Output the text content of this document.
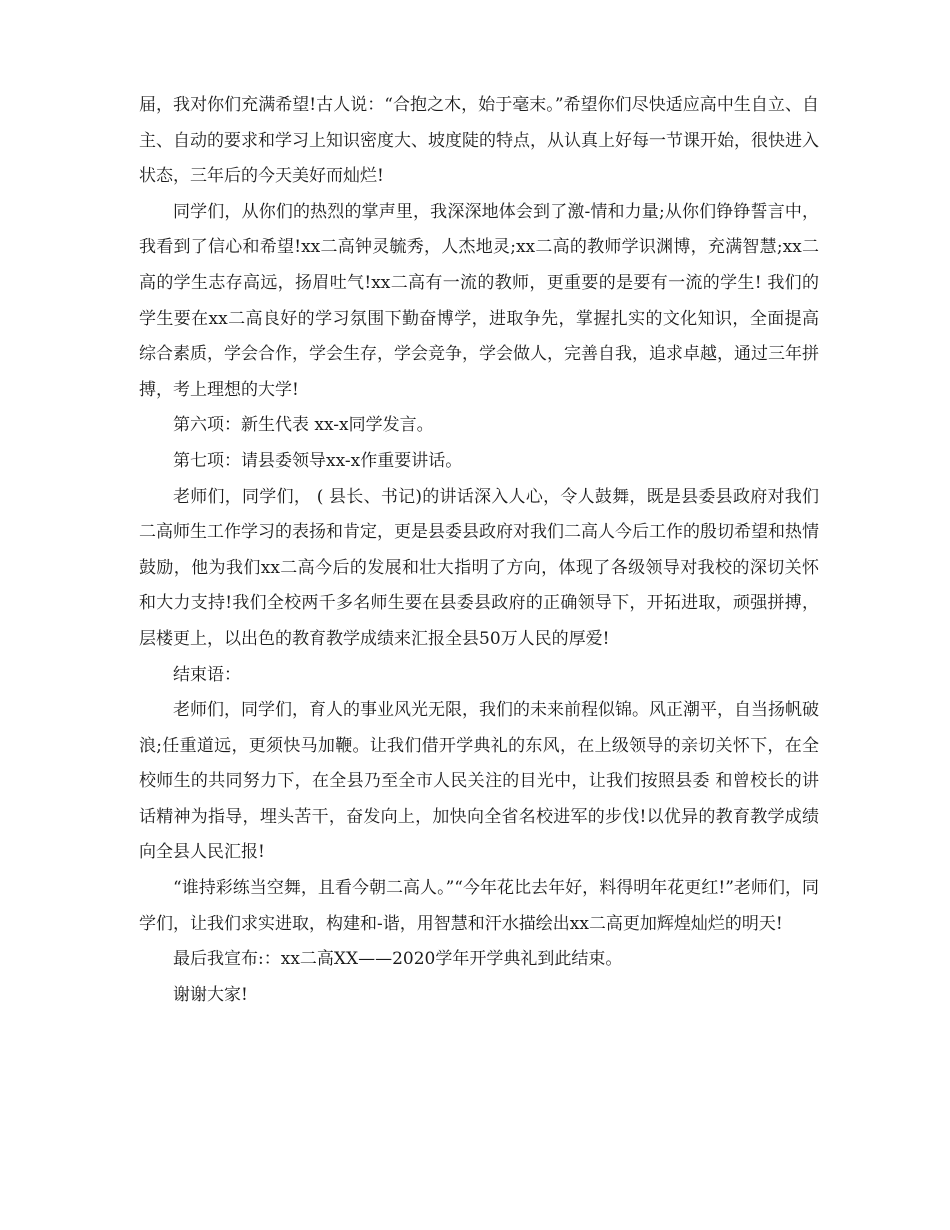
届，我对你们充满希望!古人说：“合抱之木，始于毫末。”希望你们尽快适应高中生自立、自主、自动的要求和学习上知识密度大、坡度陡的特点，从认真上好每一节课开始，很快进入状态，三年后的今天美好而灿烂!

同学们，从你们的热烈的掌声里，我深深地体会到了激-情和力量;从你们铮铮誓言中，我看到了信心和希望!xx二高钟灵毓秀，人杰地灵;xx二高的教师学识渊博，充满智慧;xx二高的学生志存高远，扬眉吐气!xx二高有一流的教师，更重要的是要有一流的学生! 我们的学生要在xx二高良好的学习氛围下勤奋博学，进取争先，掌握扎实的文化知识，全面提高综合素质，学会合作，学会生存，学会竞争，学会做人，完善自我，追求卓越，通过三年拼搏，考上理想的大学!

第六项：新生代表 xx-x同学发言。

第七项：请县委领导xx-x作重要讲话。

老师们，同学们， ( 县长、书记)的讲话深入人心，令人鼓舞，既是县委县政府对我们二高师生工作学习的表扬和肯定，更是县委县政府对我们二高人今后工作的殷切希望和热情鼓励，他为我们xx二高今后的发展和壮大指明了方向，体现了各级领导对我校的深切关怀和大力支持!我们全校两千多名师生要在县委县政府的正确领导下，开拓进取，顽强拼搏，层楼更上，以出色的教育教学成绩来汇报全县50万人民的厚爱!

结束语：

老师们，同学们，育人的事业风光无限，我们的未来前程似锦。风正潮平，自当扬帆破浪;任重道远，更须快马加鞭。让我们借开学典礼的东风，在上级领导的亲切关怀下，在全校师生的共同努力下，在全县乃至全市人民关注的目光中，让我们按照县委 和曾校长的讲话精神为指导，埋头苦干，奋发向上，加快向全省名校进军的步伐!以优异的教育教学成绩向全县人民汇报!

“谁持彩练当空舞，且看今朝二高人。”“今年花比去年好，料得明年花更红!”老师们，同学们，让我们求实进取，构建和-谐，用智慧和汗水描绘出xx二高更加辉煌灿烂的明天!

最后我宣布:：xx二高XX——2020学年开学典礼到此结束。

谢谢大家!
